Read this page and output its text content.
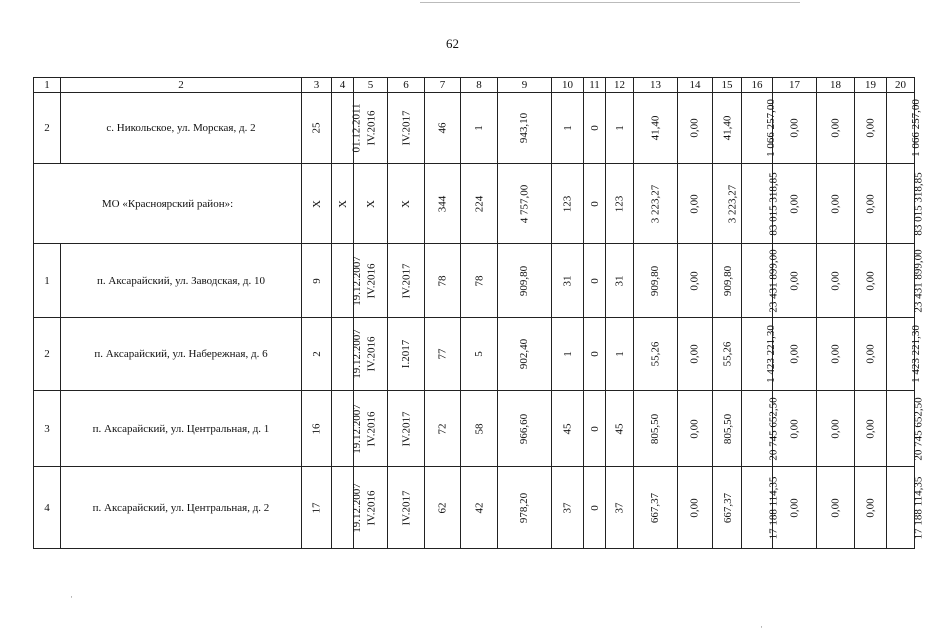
62
1	2	3	4	5	6	7	8	9	10	11	12	13	14	15	16	17	18	19	20
2	с. Никольское, ул. Морская, д. 2	25	01.12.2011	IV.2016	IV.2017	46	1	943,10	1	0	1	41,40	0,00	41,40	1 066 257,00	0,00	0,00	0,00	1 066 257,00
МО «Красноярский район»:		X	X	X	X	344	224	4 757,00	123	0	123	3 223,27	0,00	3 223,27	83 015 318,85	0,00	0,00	0,00	83 015 318,85
1	п. Аксарайский, ул. Заводская, д. 10	9	19.12.2007	IV.2016	IV.2017	78	78	909,80	31	0	31	909,80	0,00	909,80	23 431 899,00	0,00	0,00	0,00	23 431 899,00
2	п. Аксарайский, ул. Набережная, д. 6	2	19.12.2007	IV.2016	I.2017	77	5	902,40	1	0	1	55,26	0,00	55,26	1 423 221,30	0,00	0,00	0,00	1 423 221,30
3	п. Аксарайский, ул. Центральная, д. 1	16	19.12.2007	IV.2016	IV.2017	72	58	966,60	45	0	45	805,50	0,00	805,50	20 745 652,50	0,00	0,00	0,00	20 745 652,50
4	п. Аксарайский, ул. Центральная, д. 2	17	19.12.2007	IV.2016	IV.2017	62	42	978,20	37	0	37	667,37	0,00	667,37	17 188 114,35	0,00	0,00	0,00	17 188 114,35
·
·
